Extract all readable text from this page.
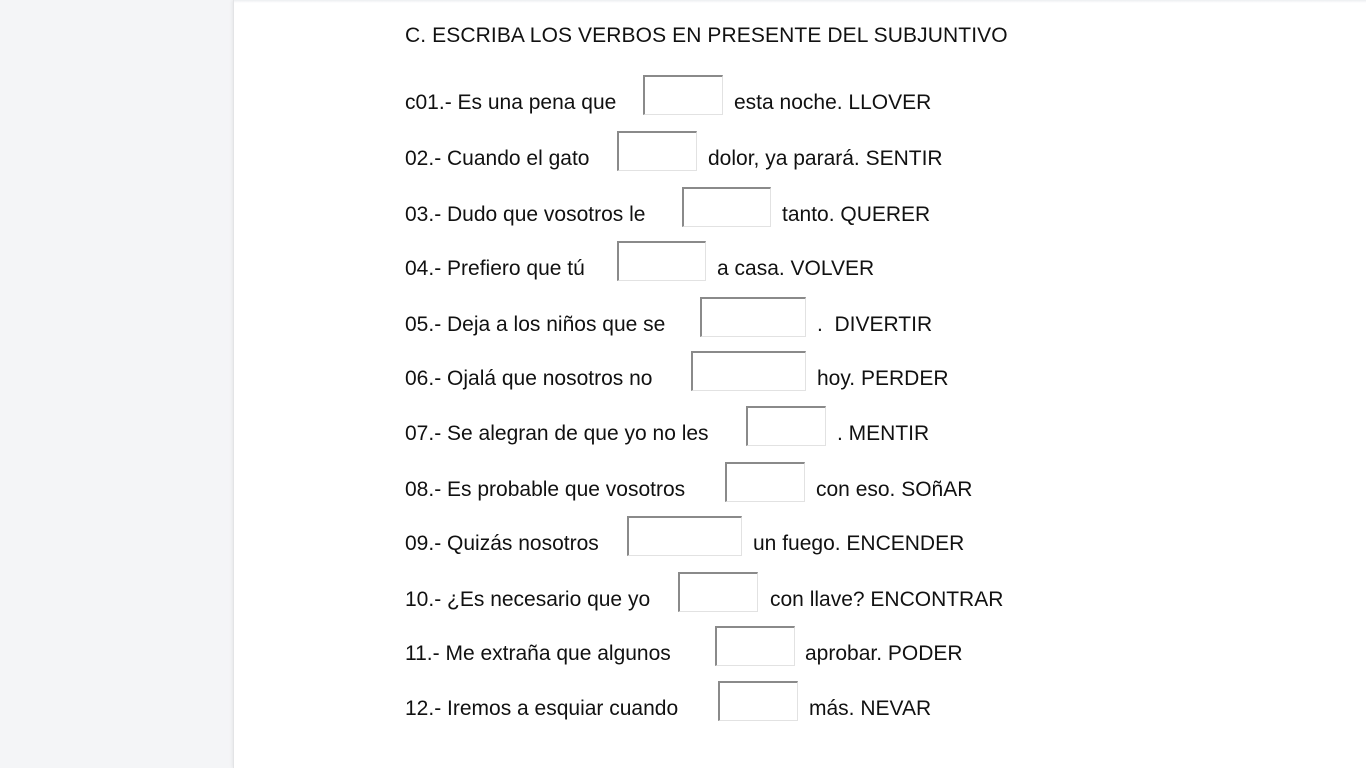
C. ESCRIBA LOS VERBOS EN PRESENTE DEL SUBJUNTIVO
c01.- Es una pena que	esta noche. LLOVER
02.- Cuando el gato	dolor, ya parará. SENTIR
03.- Dudo que vosotros le	tanto. QUERER
04.- Prefiero que tú	a casa. VOLVER
05.- Deja a los niños que se	.  DIVERTIR
06.- Ojalá que nosotros no	hoy. PERDER
07.- Se alegran de que yo no les	. MENTIR
08.- Es probable que vosotros	con eso. SOñAR
09.- Quizás nosotros	un fuego. ENCENDER
10.- ¿Es necesario que yo	con llave? ENCONTRAR
11.- Me extraña que algunos	aprobar. PODER
12.- Iremos a esquiar cuando	más. NEVAR
